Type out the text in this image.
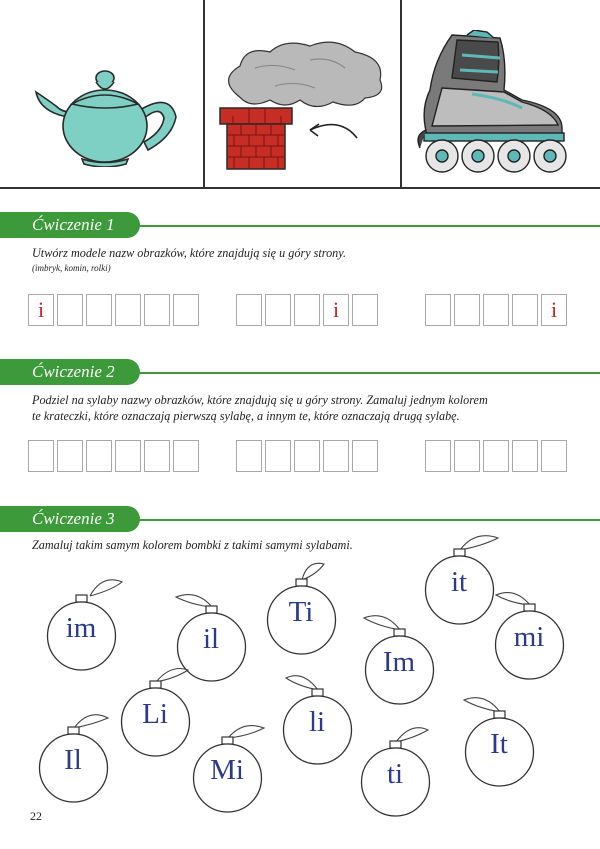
Ćwiczenie 1
Utwórz modele nazw obrazków, które znajdują się u góry strony.
(imbryk, komin, rolki)
i	i	i
Ćwiczenie 2
Podziel na sylaby nazwy obrazków, które znajdują się u góry strony. Zamaluj jednym kolorem
te krateczki, które oznaczają pierwszą sylabę, a innym te, które oznaczają drugą sylabę.
Ćwiczenie 3
Zamaluj takim samym kolorem bombki z takimi samymi sylabami.
im	il
Ti
it
Im
mi
Li	li
Il	Mi	ti
It
22
